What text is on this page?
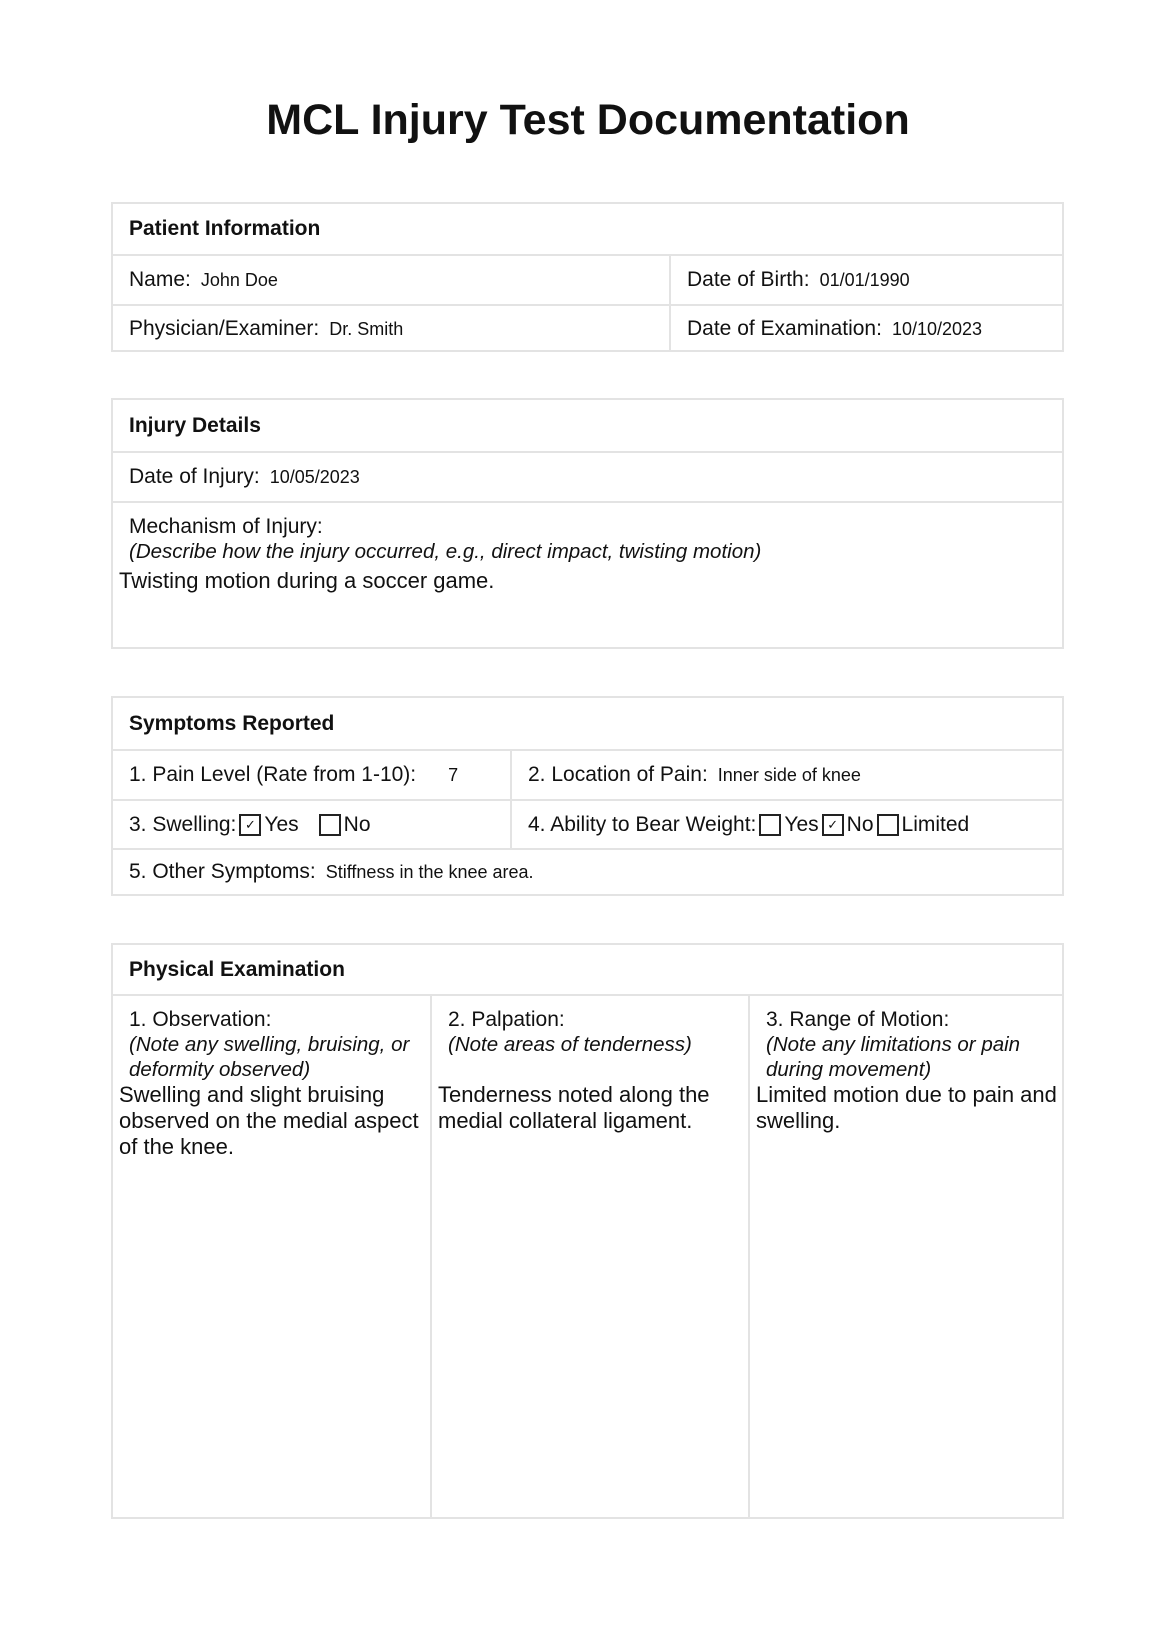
MCL Injury Test Documentation
Patient Information
Name: John Doe	Date of Birth: 01/01/1990
Physician/Examiner: Dr. Smith	Date of Examination: 10/10/2023
Injury Details
Date of Injury: 10/05/2023
Mechanism of Injury:
(Describe how the injury occurred, e.g., direct impact, twisting motion)
Twisting motion during a soccer game.
Symptoms Reported
1. Pain Level (Rate from 1-10): 7	2. Location of Pain: Inner side of knee
3. Swelling: ✓ Yes No	4. Ability to Bear Weight: Yes ✓ No Limited
5. Other Symptoms: Stiffness in the knee area.
Physical Examination
1. Observation:
(Note any swelling, bruising, or deformity observed)
Swelling and slight bruising observed on the medial aspect of the knee.
2. Palpation:
(Note areas of tenderness)
Tenderness noted along the medial collateral ligament.
3. Range of Motion:
(Note any limitations or pain during movement)
Limited motion due to pain and swelling.
